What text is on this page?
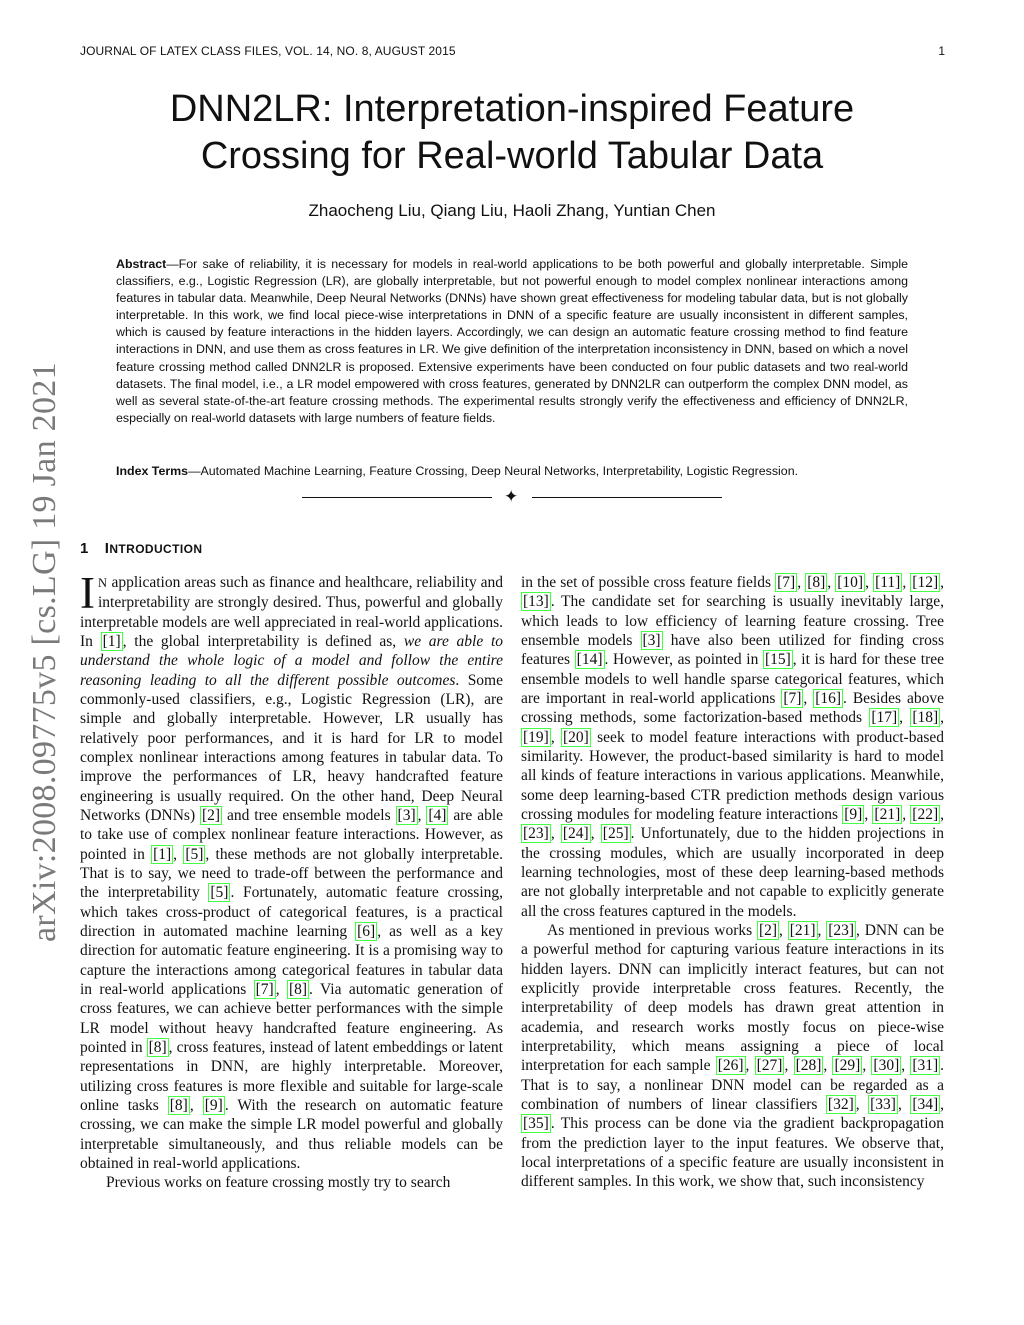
JOURNAL OF LATEX CLASS FILES, VOL. 14, NO. 8, AUGUST 2015	1
DNN2LR: Interpretation-inspired Feature
Crossing for Real-world Tabular Data
Zhaocheng Liu, Qiang Liu, Haoli Zhang, Yuntian Chen
Abstract—For sake of reliability, it is necessary for models in real-world applications to be both powerful and globally interpretable. Simple classifiers, e.g., Logistic Regression (LR), are globally interpretable, but not powerful enough to model complex nonlinear interactions among features in tabular data. Meanwhile, Deep Neural Networks (DNNs) have shown great effectiveness for modeling tabular data, but is not globally interpretable. In this work, we find local piece-wise interpretations in DNN of a specific feature are usually inconsistent in different samples, which is caused by feature interactions in the hidden layers. Accordingly, we can design an automatic feature crossing method to find feature interactions in DNN, and use them as cross features in LR. We give definition of the interpretation inconsistency in DNN, based on which a novel feature crossing method called DNN2LR is proposed. Extensive experiments have been conducted on four public datasets and two real-world datasets. The final model, i.e., a LR model empowered with cross features, generated by DNN2LR can outperform the complex DNN model, as well as several state-of-the-art feature crossing methods. The experimental results strongly verify the effectiveness and efficiency of DNN2LR, especially on real-world datasets with large numbers of feature fields.
Index Terms—Automated Machine Learning, Feature Crossing, Deep Neural Networks, Interpretability, Logistic Regression.
✦
arXiv:2008.09775v5 [cs.LG] 19 Jan 2021 1 INTRODUCTION

I N application areas such as finance and healthcare, reliability and interpretability are strongly desired. Thus, powerful and globally interpretable models are well appreciated in real-world applications. In [1] , the global interpretability is defined as, we are able to understand the whole logic of a model and follow the entire reasoning leading to all the different possible outcomes. Some commonly-used classifiers, e.g., Logistic Regression (LR), are simple and globally interpretable. However, LR usually has relatively poor performances, and it is hard for LR to model complex nonlinear interactions among features in tabular data. To improve the performances of LR, heavy handcrafted feature engineering is usually required. On the other hand, Deep Neural Networks (DNNs) [2] and tree ensemble models [3] , [4] are able to take use of complex nonlinear feature interactions. However, as pointed in [1] , [5] , these methods are not globally interpretable. That is to say, we need to trade-off between the performance and the interpretability [5] . Fortunately, automatic feature crossing, which takes cross-product of categorical features, is a practical direction in automated machine learning [6] , as well as a key direction for automatic feature engineering. It is a promising way to capture the interactions among categorical features in tabular data in real-world applications [7] , [8] . Via automatic generation of cross features, we can achieve better performances with the simple LR model without heavy handcrafted feature engineering. As pointed in [8] , cross features, instead of latent embeddings or latent representations in DNN, are highly interpretable. Moreover, utilizing cross features is more flexible and suitable for large-scale online tasks [8] , [9] . With the research on automatic feature crossing, we can make the simple LR model powerful and globally interpretable simultaneously, and thus reliable models can be obtained in real-world applications.

Previous works on feature crossing mostly try to search

in the set of possible cross feature fields [7] , [8] , [10] , [11] , [12] , [13] . The candidate set for searching is usually inevitably large, which leads to low efficiency of learning feature crossing. Tree ensemble models [3] have also been utilized for finding cross features [14] . However, as pointed in [15] , it is hard for these tree ensemble models to well handle sparse categorical features, which are important in real-world applications [7] , [16] . Besides above crossing methods, some factorization-based methods [17] , [18] , [19] , [20] seek to model feature interactions with product-based similarity. However, the product-based similarity is hard to model all kinds of feature interactions in various applications. Meanwhile, some deep learning-based CTR prediction methods design various crossing modules for modeling feature interactions [9] , [21] , [22] , [23] , [24] , [25] . Unfortunately, due to the hidden projections in the crossing modules, which are usually incorporated in deep learning technologies, most of these deep learning-based methods are not globally interpretable and not capable to explicitly generate all the cross features captured in the models.

As mentioned in previous works [2] , [21] , [23] , DNN can be a powerful method for capturing various feature interactions in its hidden layers. DNN can implicitly interact features, but can not explicitly provide interpretable cross features. Recently, the interpretability of deep models has drawn great attention in academia, and research works mostly focus on piece-wise interpretability, which means assigning a piece of local interpretation for each sample [26] , [27] , [28] , [29] , [30] , [31] . That is to say, a nonlinear DNN model can be regarded as a combination of numbers of linear classifiers [32] , [33] , [34] , [35] . This process can be done via the gradient backpropagation from the prediction layer to the input features. We observe that, local interpretations of a specific feature are usually inconsistent in different samples. In this work, we show that, such inconsistency
